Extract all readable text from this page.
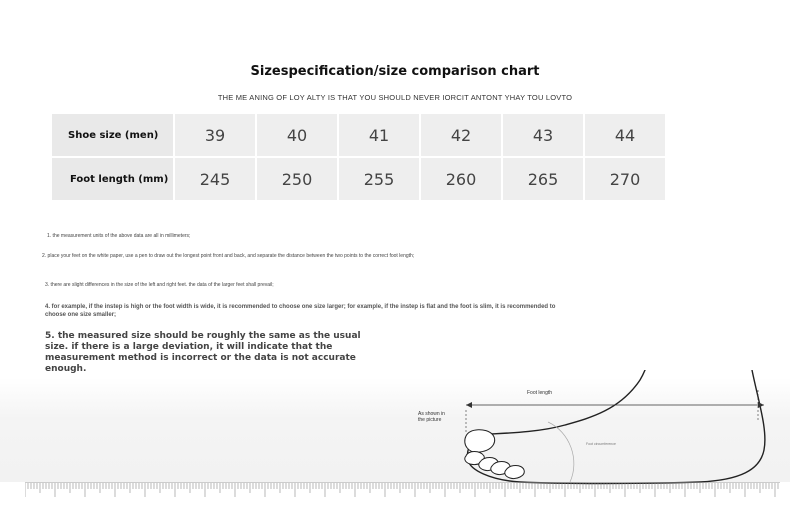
Sizespecification/size comparison chart
THE ME ANING OF LOY ALTY IS THAT YOU SHOULD NEVER IORCIT ANTONT YHAY TOU LOVTO
Shoe size (men)	39	40	41	42	43	44

Foot length (mm)	245	250	255	260	265	270
1. the measurement units of the above data are all in millimeters;
2. place your feet on the white paper, use a pen to draw out the longest point front and back, and separate the distance between the two points to the correct foot length;
3. there are slight differences in the size of the left and right feet. the data of the larger feet shall prevail;
4. for example, if the instep is high or the foot width is wide, it is recommended to choose one size larger; for example, if the instep is flat and the foot is slim, it is recommended to choose one size smaller;
5. the measured size should be roughly the same as the usual size. if there is a large deviation, it will indicate that the measurement method is incorrect or the data is not accurate enough.
Foot length
As shown in the picture
Foot circumference
